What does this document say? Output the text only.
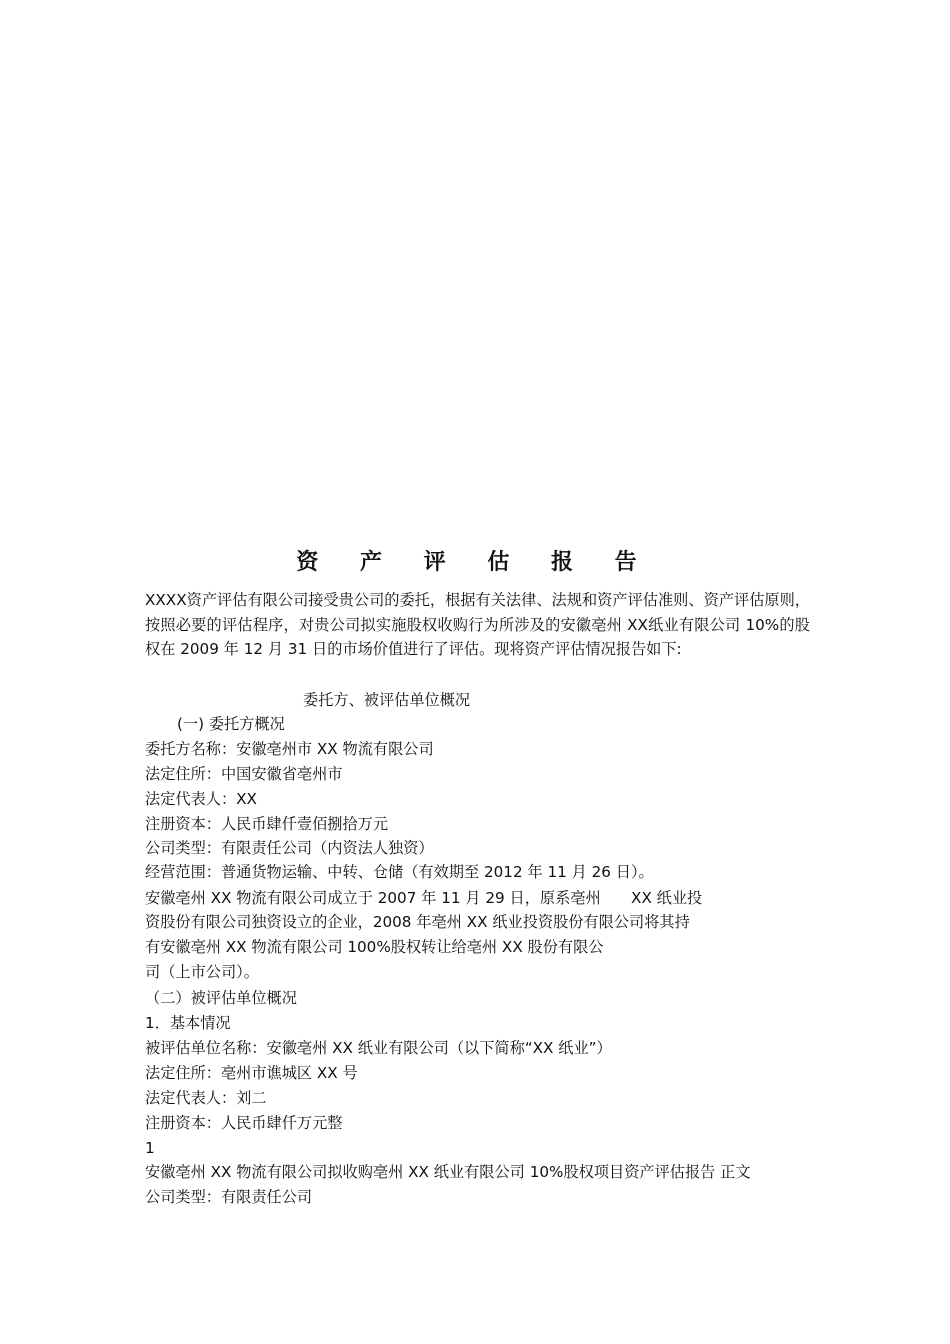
资 产 评 估 报 告
XXXX资产评估有限公司接受贵公司的委托，根据有关法律、法规和资产评估准则、资产评估原则，按照必要的评估程序，对贵公司拟实施股权收购行为所涉及的安徽亳州 XX纸业有限公司 10%的股权在 2009 年 12 月 31 日的市场价值进行了评估。现将资产评估情况报告如下:
委托方、被评估单位概况
(一) 委托方概况
委托方名称：安徽亳州市 XX 物流有限公司
法定住所：中国安徽省亳州市
法定代表人：XX
注册资本：人民币肆仟壹佰捌拾万元
公司类型：有限责任公司（内资法人独资）
经营范围：普通货物运输、中转、仓储（有效期至 2012 年 11 月 26 日）。
安徽亳州 XX 物流有限公司成立于 2007 年 11 月 29 日，原系亳州　　XX 纸业投
资股份有限公司独资设立的企业，2008 年亳州 XX 纸业投资股份有限公司将其持
有安徽亳州 XX 物流有限公司 100%股权转让给亳州 XX 股份有限公
司（上市公司）。
（二）被评估单位概况
1．基本情况
被评估单位名称：安徽亳州 XX 纸业有限公司（以下简称“XX 纸业”）
法定住所：亳州市谯城区 XX 号
法定代表人：刘二
注册资本：人民币肆仟万元整
1
安徽亳州 XX 物流有限公司拟收购亳州 XX 纸业有限公司 10%股权项目资产评估报告 正文
公司类型：有限责任公司
